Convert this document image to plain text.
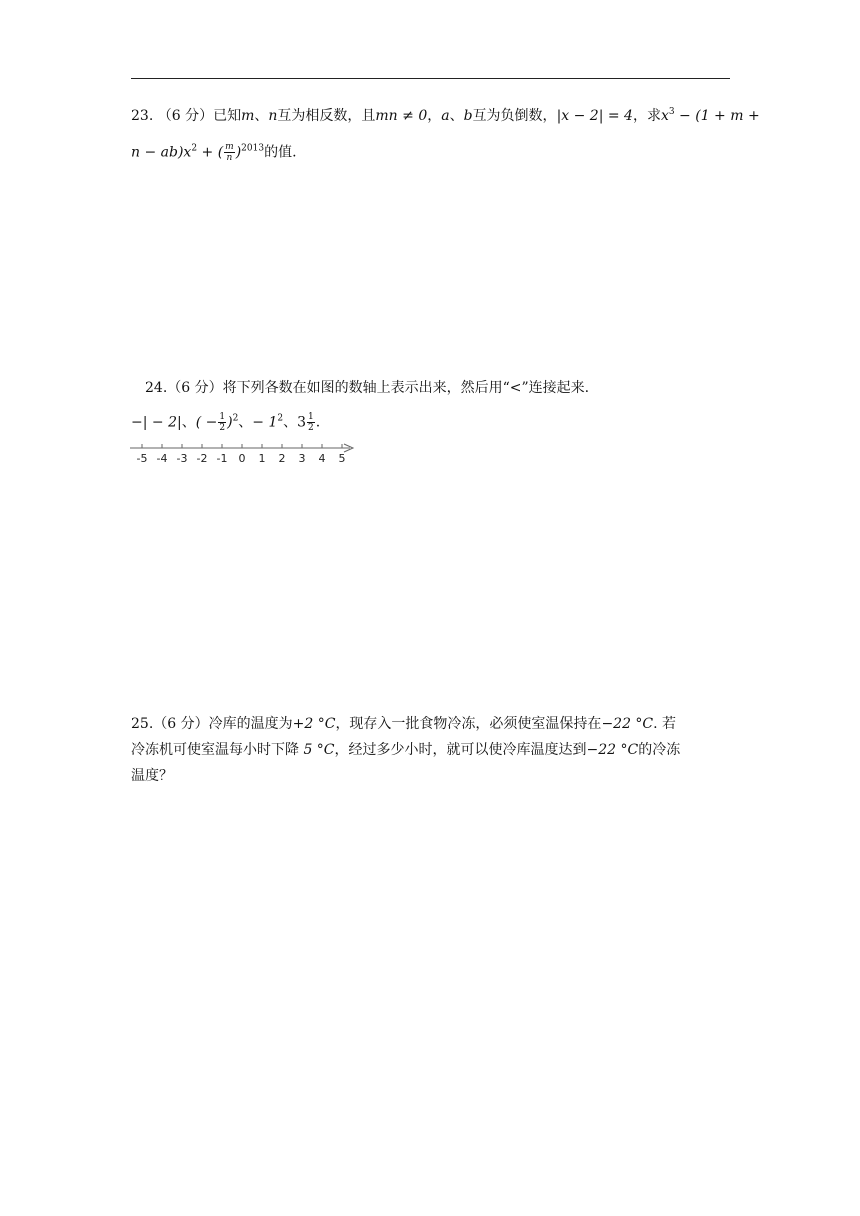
23. （6 分）已知m、n互为相反数，且mn ≠ 0，a、b互为负倒数，|x − 2| = 4，求$x^3 - (1 + m$ +
$n - ab)x^2$ + ( $\frac{m}{n} )^{2013}$的值.
24.（6 分）将下列各数在如图的数轴上表示出来，然后用“<”连接起来.
−| − 2|、( − $\frac{1}{2} )^2$、− $1^2$、$3 \frac{1}{2}$ .
-5 -4 -3 -2 -1 0 1 2 3 4 5
25.（6 分）冷库的温度为+2 °C，现存入一批食物冷冻，必须使室温保持在−22 °C. 若
冷冻机可使室温每小时下降 5 °C，经过多少小时，就可以使冷库温度达到−22 °C的冷冻
温度？
